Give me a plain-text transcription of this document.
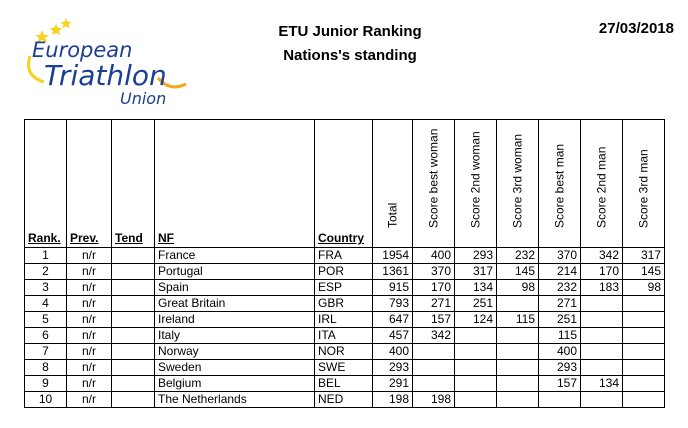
European
Triathlon
Union
ETU Junior Ranking
Nations's standing
27/03/2018
Rank.	Prev.	Tend	NF	Country	Total	Score best woman	Score 2nd woman	Score 3rd woman	Score best man	Score 2nd man	Score 3rd man

1	n/r		France	FRA	1954	400	293	232	370	342	317
2	n/r		Portugal	POR	1361	370	317	145	214	170	145
3	n/r		Spain	ESP	915	170	134	98	232	183	98
4	n/r		Great Britain	GBR	793	271	251		271		
5	n/r		Ireland	IRL	647	157	124	115	251		
6	n/r		Italy	ITA	457	342			115		
7	n/r		Norway	NOR	400				400		
8	n/r		Sweden	SWE	293				293		
9	n/r		Belgium	BEL	291				157	134	
10	n/r		The Netherlands	NED	198	198					
